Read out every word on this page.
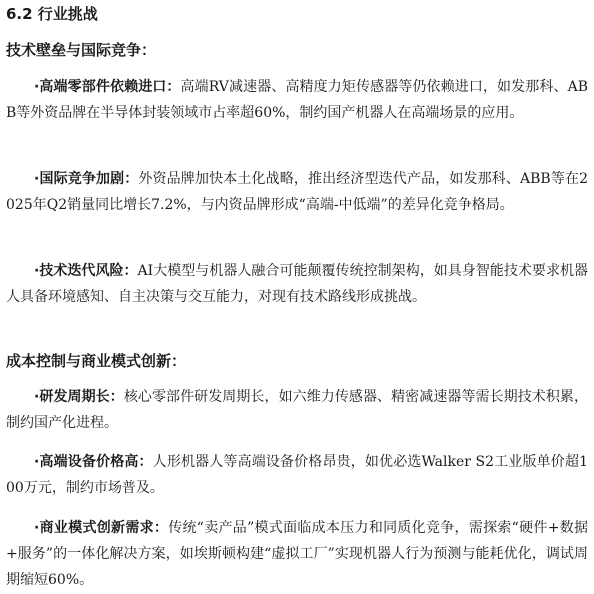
6.2 行业挑战
技术壁垒与国际竞争：
·高端零部件依赖进口：高端RV减速器、高精度力矩传感器等仍依赖进口，如发那科、ABB等外资品牌在半导体封装领域市占率超60%，制约国产机器人在高端场景的应用。
·国际竞争加剧：外资品牌加快本土化战略，推出经济型迭代产品，如发那科、ABB等在2025年Q2销量同比增长7.2%，与内资品牌形成“高端-中低端”的差异化竞争格局。
·技术迭代风险：AI大模型与机器人融合可能颠覆传统控制架构，如具身智能技术要求机器人具备环境感知、自主决策与交互能力，对现有技术路线形成挑战。
成本控制与商业模式创新：
·研发周期长：核心零部件研发周期长，如六维力传感器、精密减速器等需长期技术积累，制约国产化进程。
·高端设备价格高：人形机器人等高端设备价格昂贵，如优必选Walker S2工业版单价超100万元，制约市场普及。
·商业模式创新需求：传统“卖产品”模式面临成本压力和同质化竞争，需探索“硬件+数据+服务”的一体化解决方案，如埃斯顿构建“虚拟工厂”实现机器人行为预测与能耗优化，调试周期缩短60%。
